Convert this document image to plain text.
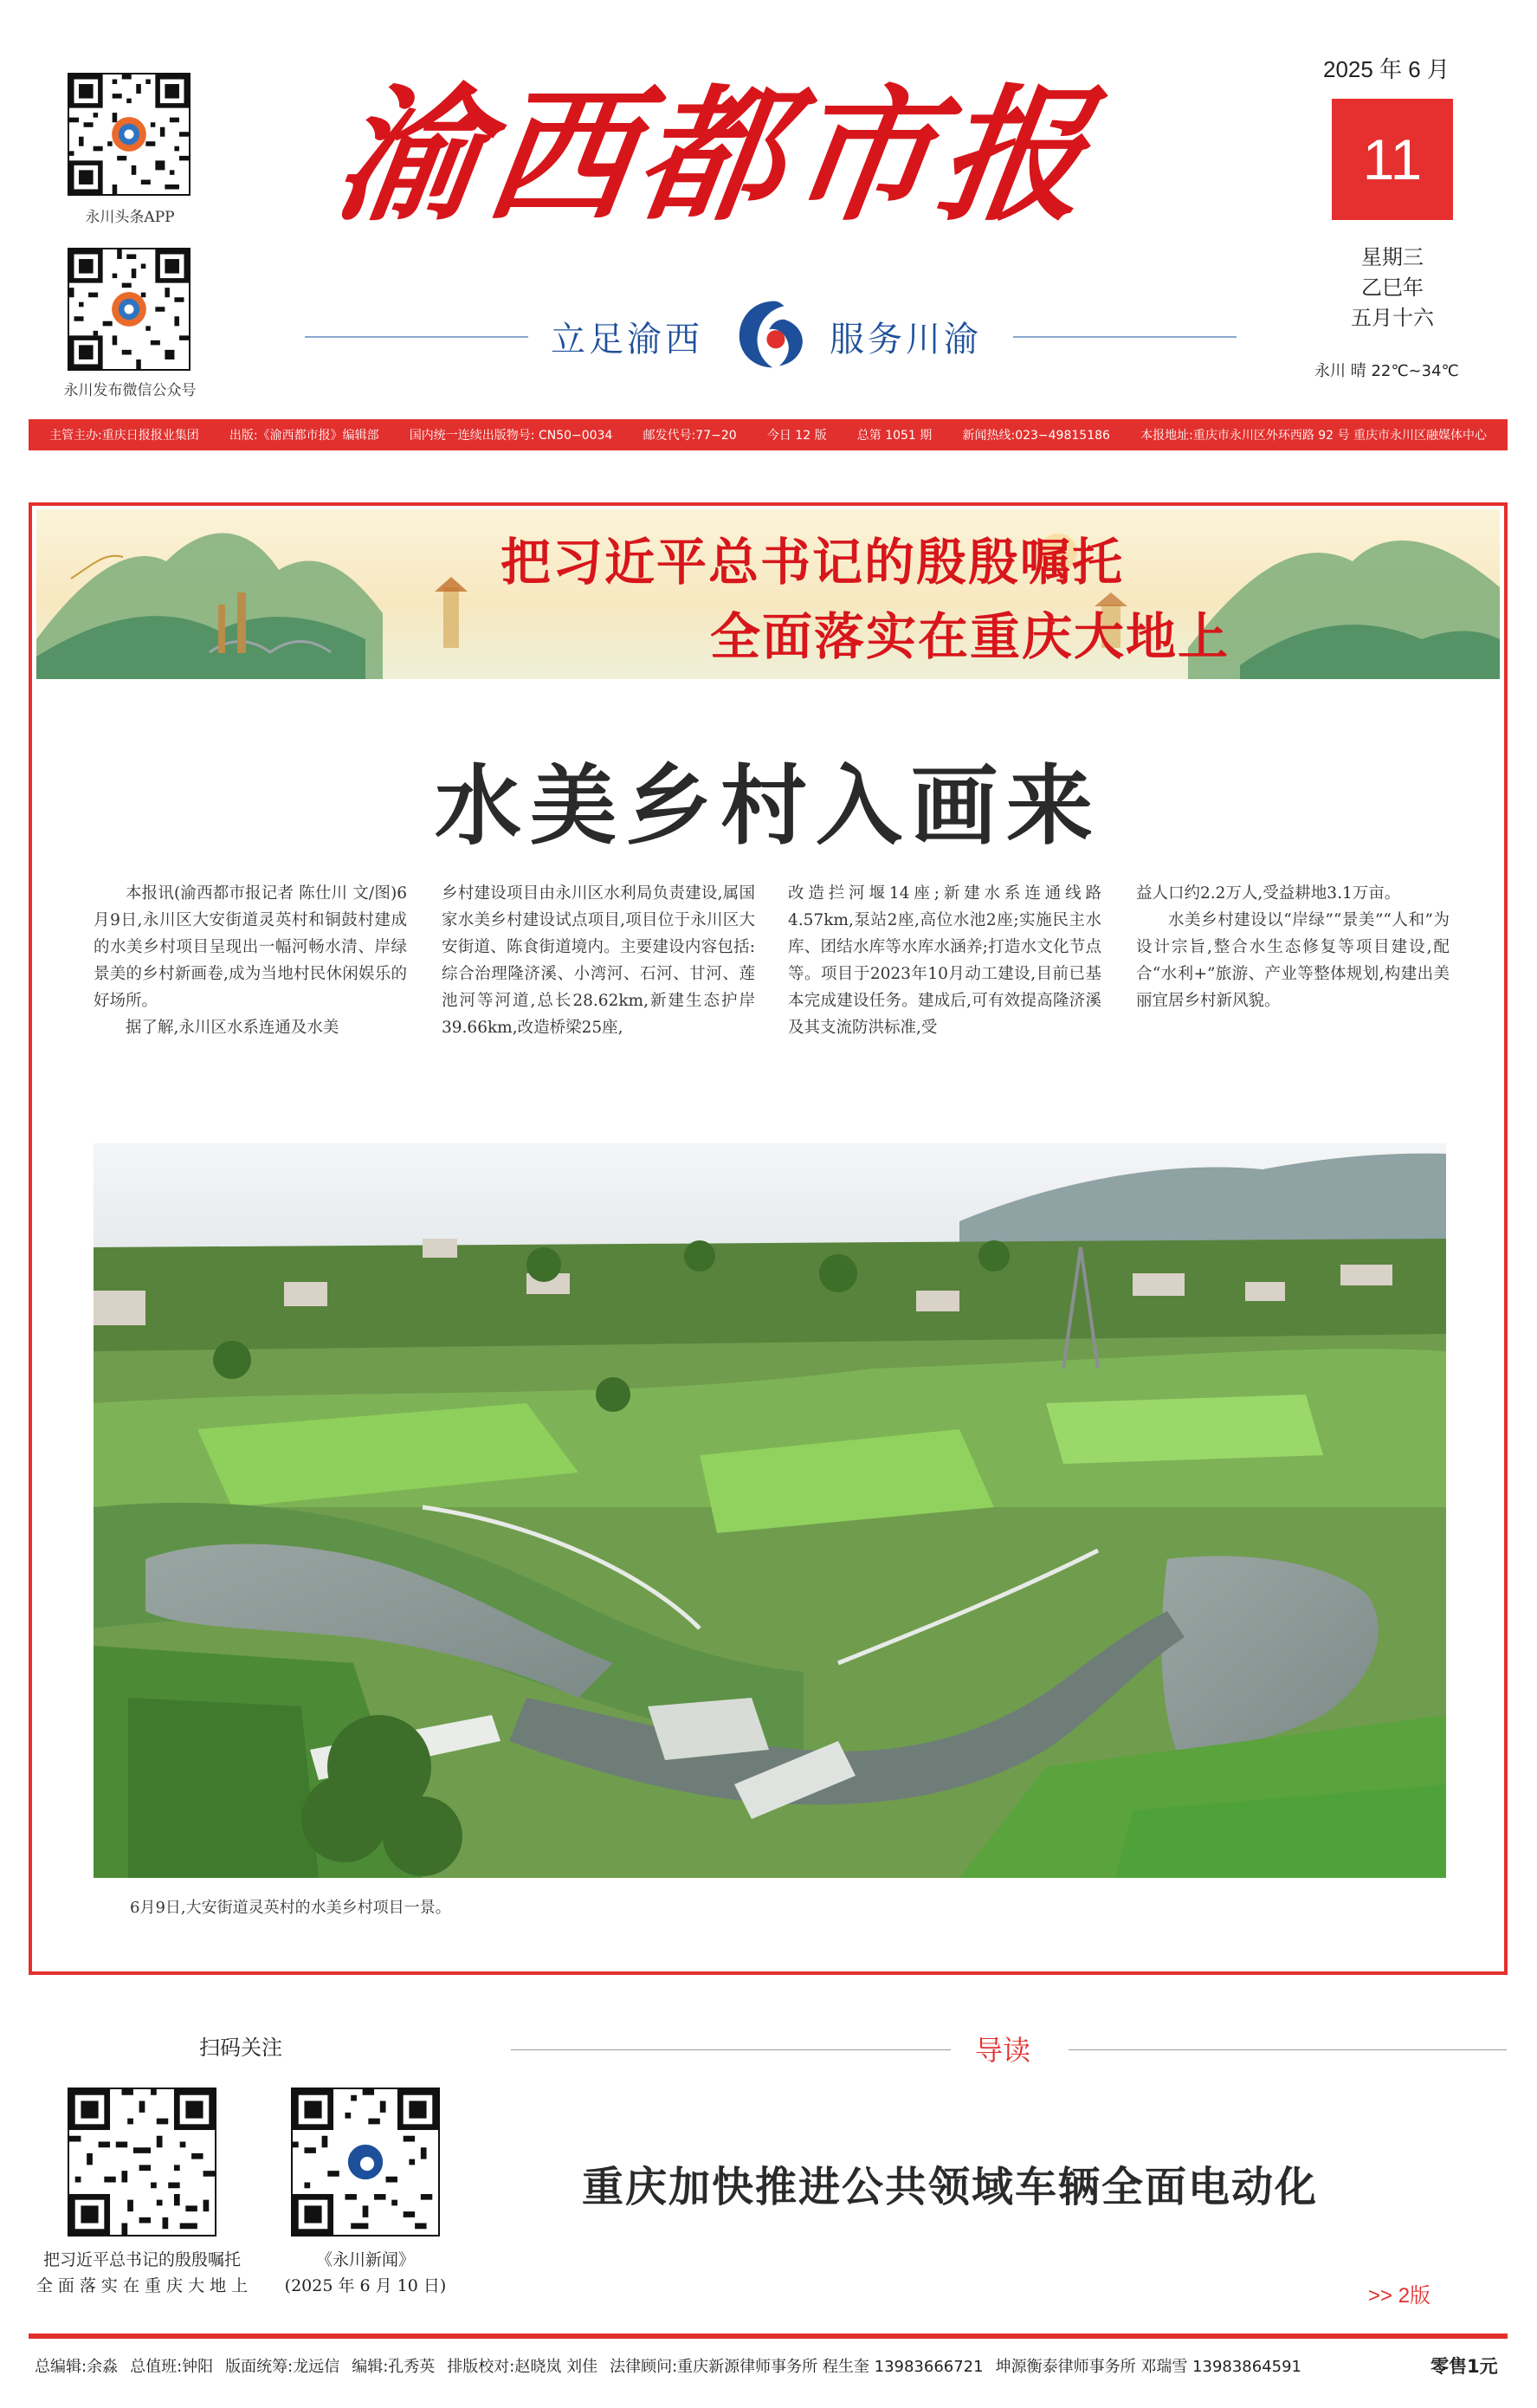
永川头条APP
永川发布微信公众号
渝西都市报
立足渝西	服务川渝
2025 年 6 月
11
星期三
乙巳年
五月十六
永川 晴 22℃~34℃
主管主办:重庆日报报业集团	出版:《渝西都市报》编辑部	国内统一连续出版物号: CN50−0034	邮发代号:77−20	今日 12 版	总第 1051 期	新闻热线:023−49815186	本报地址:重庆市永川区外环西路 92 号 重庆市永川区融媒体中心
把习近平总书记的殷殷嘱托
全面落实在重庆大地上
水美乡村入画来

本报讯(渝西都市报记者 陈仕川 文/图)6月9日,永川区大安街道灵英村和铜鼓村建成的水美乡村项目呈现出一幅河畅水清、岸绿景美的乡村新画卷,成为当地村民休闲娱乐的好场所。

据了解,永川区水系连通及水美

乡村建设项目由永川区水利局负责建设,属国家水美乡村建设试点项目,项目位于永川区大安街道、陈食街道境内。主要建设内容包括:综合治理隆济溪、小湾河、石河、甘河、莲池河等河道,总长28.62km,新建生态护岸39.66km,改造桥梁25座,

改造拦河堰14座;新建水系连通线路4.57km,泵站2座,高位水池2座;实施民主水库、团结水库等水库水涵养;打造水文化节点等。项目于2023年10月动工建设,目前已基本完成建设任务。建成后,可有效提高隆济溪及其支流防洪标准,受

益人口约2.2万人,受益耕地3.1万亩。

水美乡村建设以“岸绿”“景美”“人和”为设计宗旨,整合水生态修复等项目建设,配合“水利+”旅游、产业等整体规划,构建出美丽宜居乡村新风貌。

6月9日,大安街道灵英村的水美乡村项目一景。
扫码关注
把习近平总书记的殷殷嘱托
全 面 落 实 在 重 庆 大 地 上
《永川新闻》
(2025 年 6 月 10 日)
导读
重庆加快推进公共领域车辆全面电动化
>> 2版
总编辑:余淼 总值班:钟阳 版面统筹:龙远信 编辑:孔秀英 排版校对:赵晓岚 刘佳 法律顾问:重庆新源律师事务所 程生奎 13983666721 坤源衡泰律师事务所 邓瑞雪 13983864591	零售1元
